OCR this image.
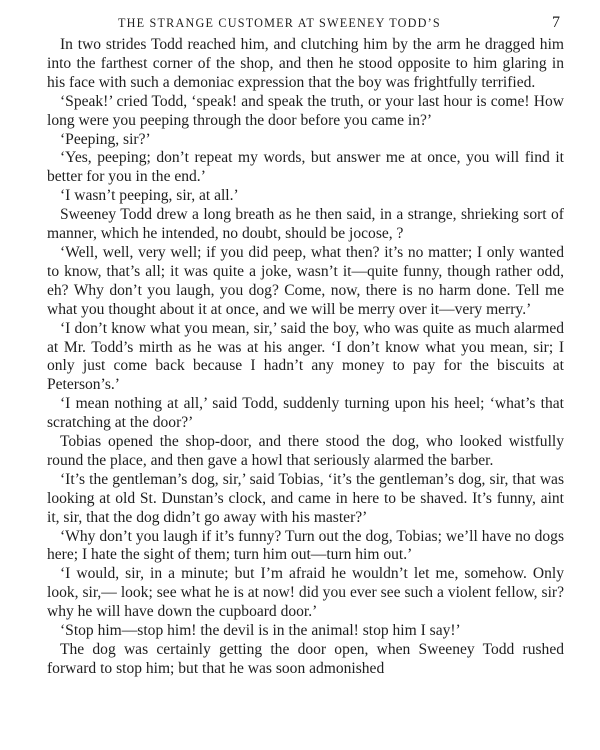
THE STRANGE CUSTOMER AT SWEENEY TODD’S	7

In two strides Todd reached him, and clutching him by the arm he dragged him into the farthest corner of the shop, and then he stood opposite to him glaring in his face with such a demoniac expression that the boy was frightfully terrified.

‘Speak!’ cried Todd, ‘speak! and speak the truth, or your last hour is come! How long were you peeping through the door before you came in?’

‘Peeping, sir?’

‘Yes, peeping; don’t repeat my words, but answer me at once, you will find it better for you in the end.’

‘I wasn’t peeping, sir, at all.’

Sweeney Todd drew a long breath as he then said, in a strange, shrieking sort of manner, which he intended, no doubt, should be jocose, ?

‘Well, well, very well; if you did peep, what then? it’s no matter; I only wanted to know, that’s all; it was quite a joke, wasn’t it—quite funny, though rather odd, eh? Why don’t you laugh, you dog? Come, now, there is no harm done. Tell me what you thought about it at once, and we will be merry over it—very merry.’

‘I don’t know what you mean, sir,’ said the boy, who was quite as much alarmed at Mr. Todd’s mirth as he was at his anger. ‘I don’t know what you mean, sir; I only just come back because I hadn’t any money to pay for the biscuits at Peterson’s.’

‘I mean nothing at all,’ said Todd, suddenly turning upon his heel; ‘what’s that scratching at the door?’

Tobias opened the shop-door, and there stood the dog, who looked wistfully round the place, and then gave a howl that seriously alarmed the barber.

‘It’s the gentleman’s dog, sir,’ said Tobias, ‘it’s the gentleman’s dog, sir, that was looking at old St. Dunstan’s clock, and came in here to be shaved. It’s funny, aint it, sir, that the dog didn’t go away with his master?’

‘Why don’t you laugh if it’s funny? Turn out the dog, Tobias; we’ll have no dogs here; I hate the sight of them; turn him out—turn him out.’

‘I would, sir, in a minute; but I’m afraid he wouldn’t let me, somehow. Only look, sir,— look; see what he is at now! did you ever see such a violent fellow, sir? why he will have down the cupboard door.’

‘Stop him—stop him! the devil is in the animal! stop him I say!’

The dog was certainly getting the door open, when Sweeney Todd rushed forward to stop him; but that he was soon admonished
